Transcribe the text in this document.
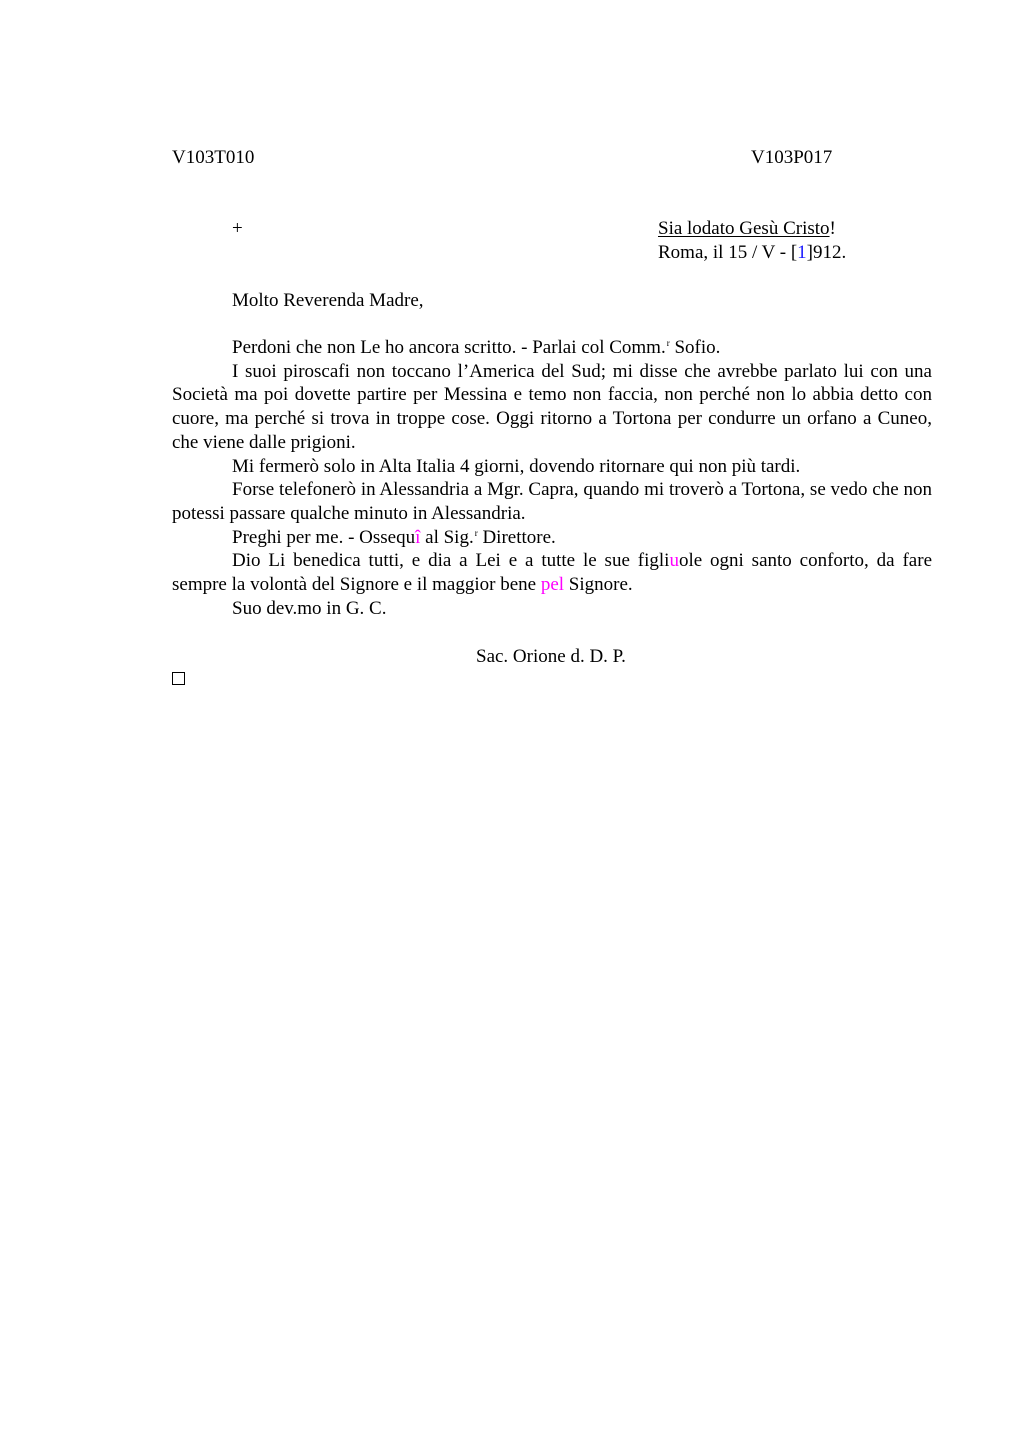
V103T010	V103P017
+	Sia lodato Gesù Cristo!
Roma, il 15 / V - [1]912.
Molto Reverenda Madre,

Perdoni che non Le ho ancora scritto. - Parlai col Comm.$^r$ Sofio.

I suoi piroscafi non toccano l’America del Sud; mi disse che avrebbe parlato lui con una Società ma poi dovette partire per Messina e temo non faccia, non perché non lo abbia detto con cuore, ma perché si trova in troppe cose. Oggi ritorno a Tortona per condurre un orfano a Cuneo, che viene dalle prigioni.

Mi fermerò solo in Alta Italia 4 giorni, dovendo ritornare qui non più tardi.

Forse telefonerò in Alessandria a Mgr. Capra, quando mi troverò a Tortona, se vedo che non potessi passare qualche minuto in Alessandria.

Preghi per me. - Ossequî al Sig.$^r$ Direttore.

Dio Li benedica tutti, e dia a Lei e a tutte le sue figliuole ogni santo conforto, da fare sempre la volontà del Signore e il maggior bene pel Signore.

Suo dev.mo in G. C.

Sac. Orione d. D. P.
